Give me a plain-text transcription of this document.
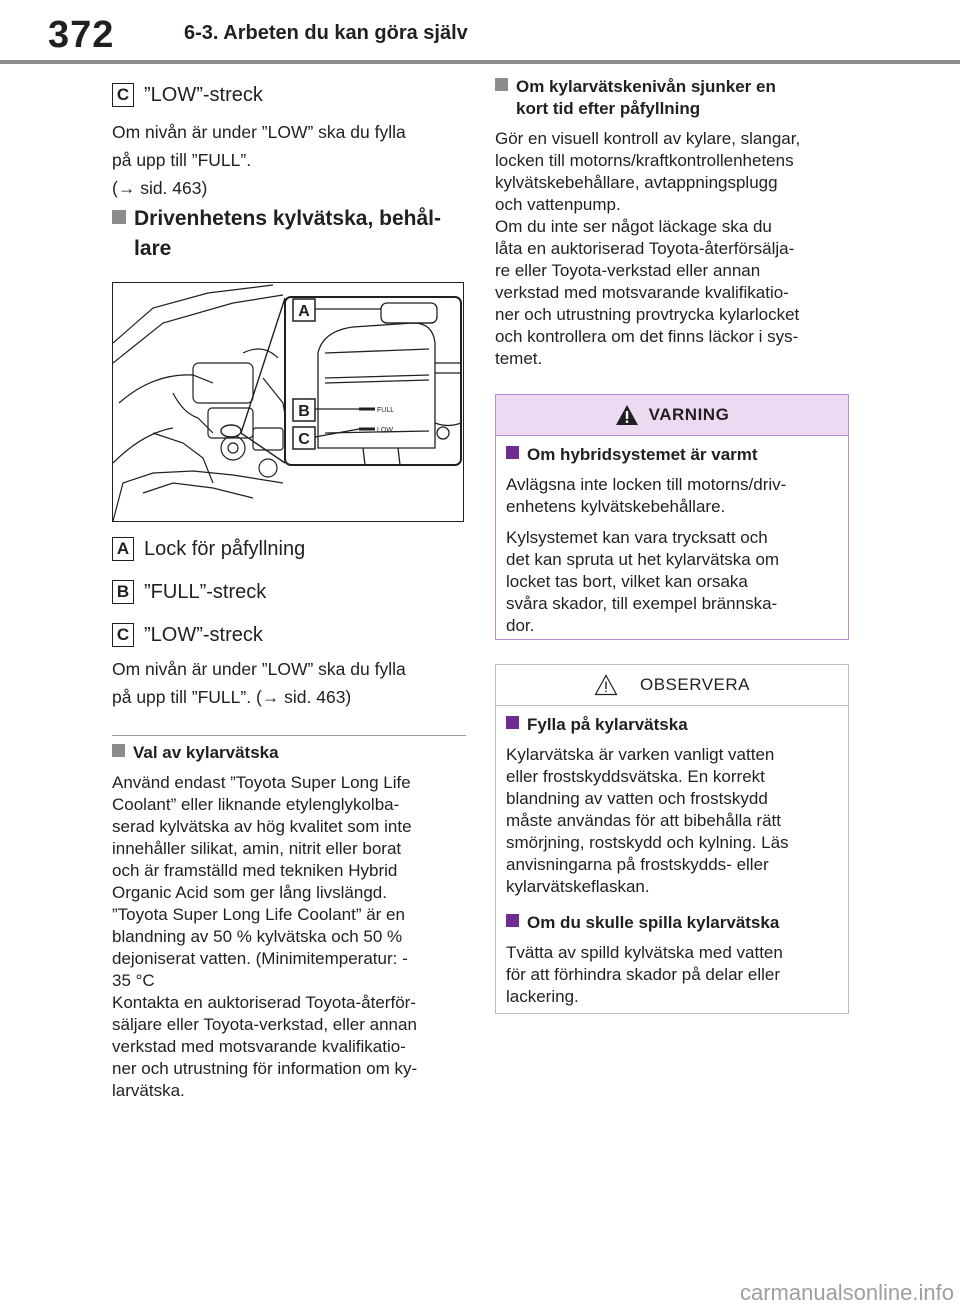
372	6-3. Arbeten du kan göra själv
C ”LOW”-streck
Om nivån är under ”LOW” ska du fylla
på upp till ”FULL”.
(→ sid. 463)
Drivenhetens kylvätska, behål-
lare
FULL
LOW
A
B
C
A Lock för påfyllning
B ”FULL”-streck
C ”LOW”-streck
Om nivån är under ”LOW” ska du fylla
på upp till ”FULL”. (→ sid. 463)
Val av kylarvätska
Använd endast ”Toyota Super Long Life
Coolant” eller liknande etylenglykolba-
serad kylvätska av hög kvalitet som inte
innehåller silikat, amin, nitrit eller borat
och är framställd med tekniken Hybrid
Organic Acid som ger lång livslängd.
”Toyota Super Long Life Coolant” är en
blandning av 50 % kylvätska och 50 %
dejoniserat vatten. (Minimitemperatur: -
35 °C
Kontakta en auktoriserad Toyota-återför-
säljare eller Toyota-verkstad, eller annan
verkstad med motsvarande kvalifikatio-
ner och utrustning för information om ky-
larvätska.
Om kylarvätskenivån sjunker en
kort tid efter påfyllning
Gör en visuell kontroll av kylare, slangar,
locken till motorns/kraftkontrollenhetens
kylvätskebehållare, avtappningsplugg
och vattenpump.
Om du inte ser något läckage ska du
låta en auktoriserad Toyota-återförsälja-
re eller Toyota-verkstad eller annan
verkstad med motsvarande kvalifikatio-
ner och utrustning provtrycka kylarlocket
och kontrollera om det finns läckor i sys-
temet.
VARNING
Om hybridsystemet är varmt
Avlägsna inte locken till motorns/driv-
enhetens kylvätskebehållare.
Kylsystemet kan vara trycksatt och
det kan spruta ut het kylarvätska om
locket tas bort, vilket kan orsaka
svåra skador, till exempel brännska-
dor.
OBSERVERA
Fylla på kylarvätska
Kylarvätska är varken vanligt vatten
eller frostskyddsvätska. En korrekt
blandning av vatten och frostskydd
måste användas för att bibehålla rätt
smörjning, rostskydd och kylning. Läs
anvisningarna på frostskydds- eller
kylarvätskeflaskan.
Om du skulle spilla kylarvätska
Tvätta av spilld kylvätska med vatten
för att förhindra skador på delar eller
lackering.
carmanualsonline.info
